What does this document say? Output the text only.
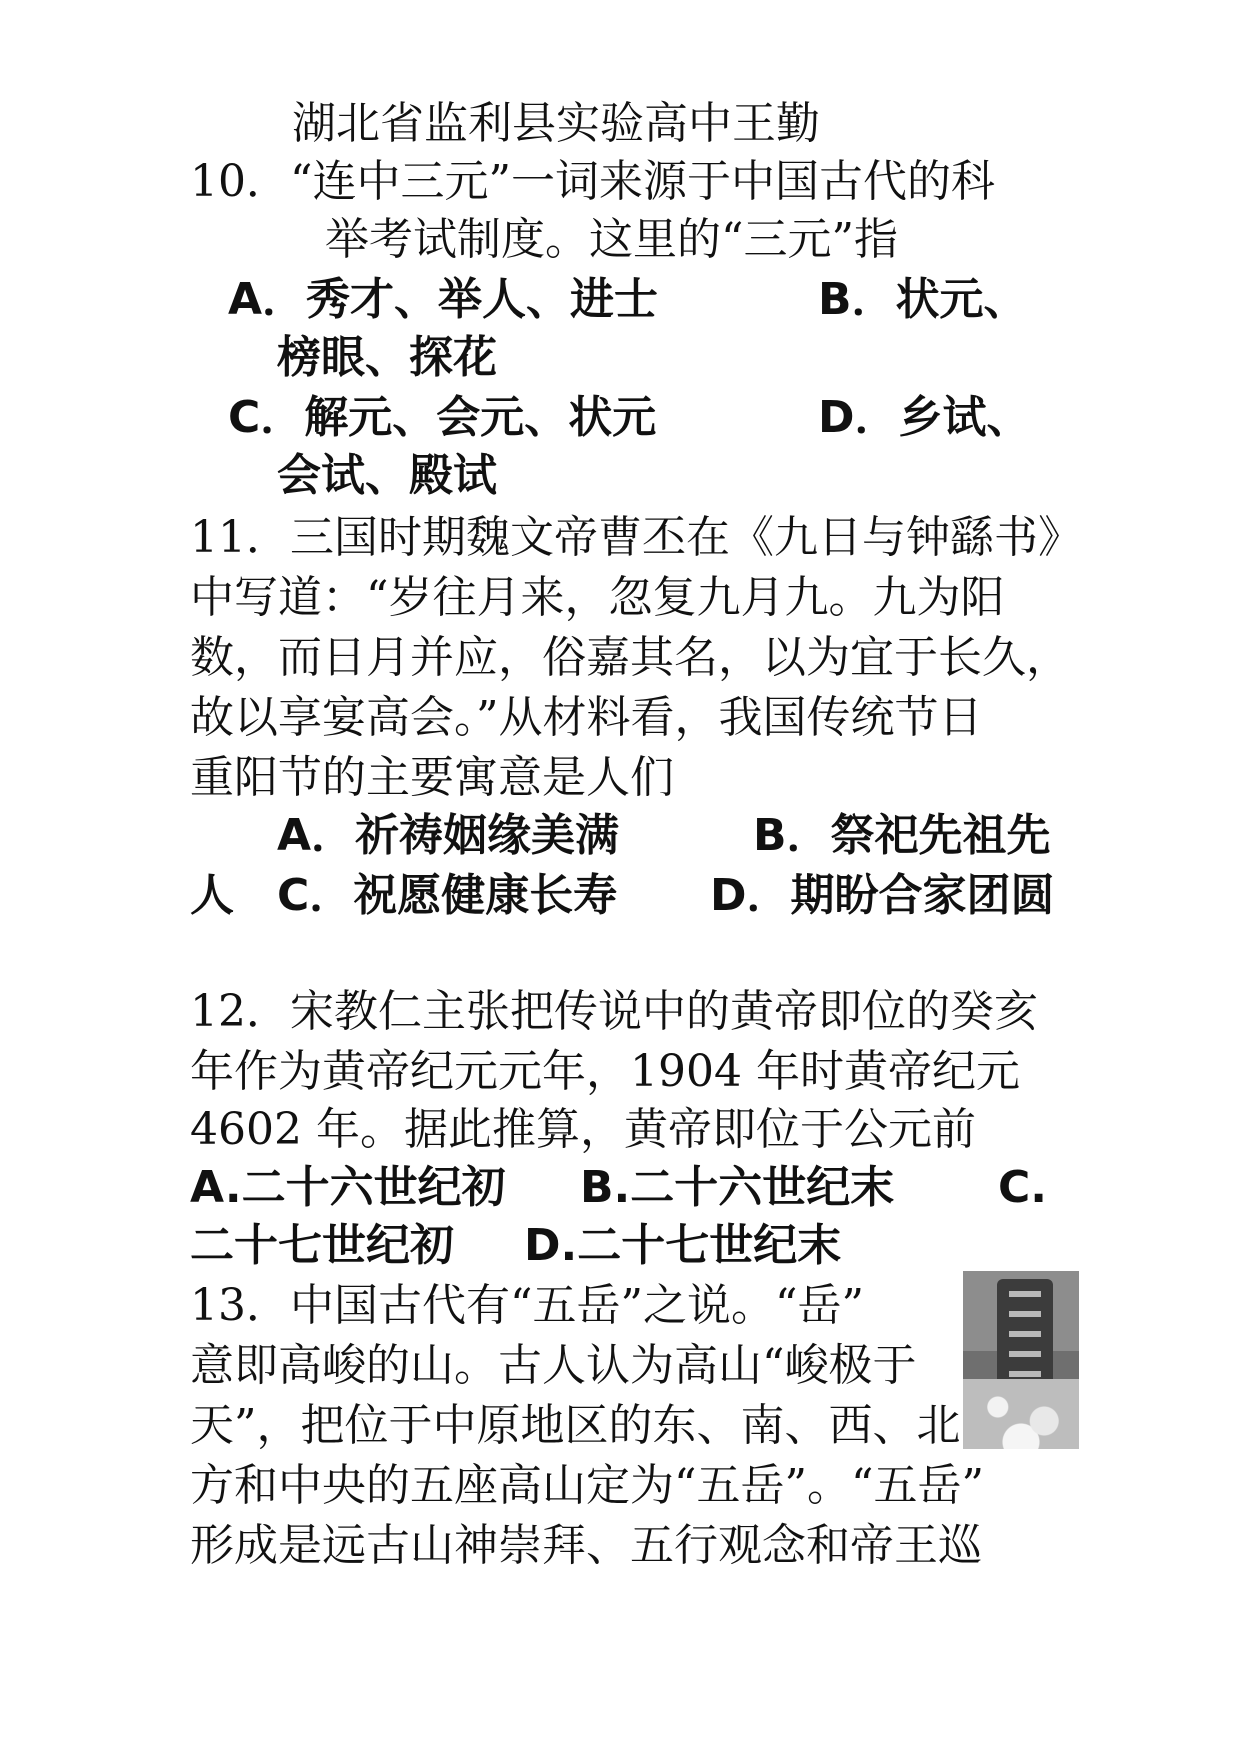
湖北省监利县实验高中王勤
10．“连中三元”一词来源于中国古代的科
举考试制度。这里的“三元”指
A．秀才、举人、进士	B．状元、
榜眼、探花
C．解元、会元、状元	D．乡试、
会试、殿试
11．三国时期魏文帝曹丕在《九日与钟繇书》
中写道：“岁往月来，忽复九月九。九为阳
数，而日月并应，俗嘉其名，以为宜于长久，
故以享宴高会。”从材料看，我国传统节日
重阳节的主要寓意是人们
A．祈祷姻缘美满	B．祭祀先祖先
人 C．祝愿健康长寿 D．期盼合家团圆
12．宋教仁主张把传说中的黄帝即位的癸亥
年作为黄帝纪元元年，1904 年时黄帝纪元
4602 年。据此推算，黄帝即位于公元前
A.二十六世纪初 B.二十六世纪末 C.
二十七世纪初 D.二十七世纪末
13．中国古代有“五岳”之说。“岳”
意即高峻的山。古人认为高山“峻极于
天”，把位于中原地区的东、南、西、北
方和中央的五座高山定为“五岳”。“五岳”
形成是远古山神崇拜、五行观念和帝王巡
